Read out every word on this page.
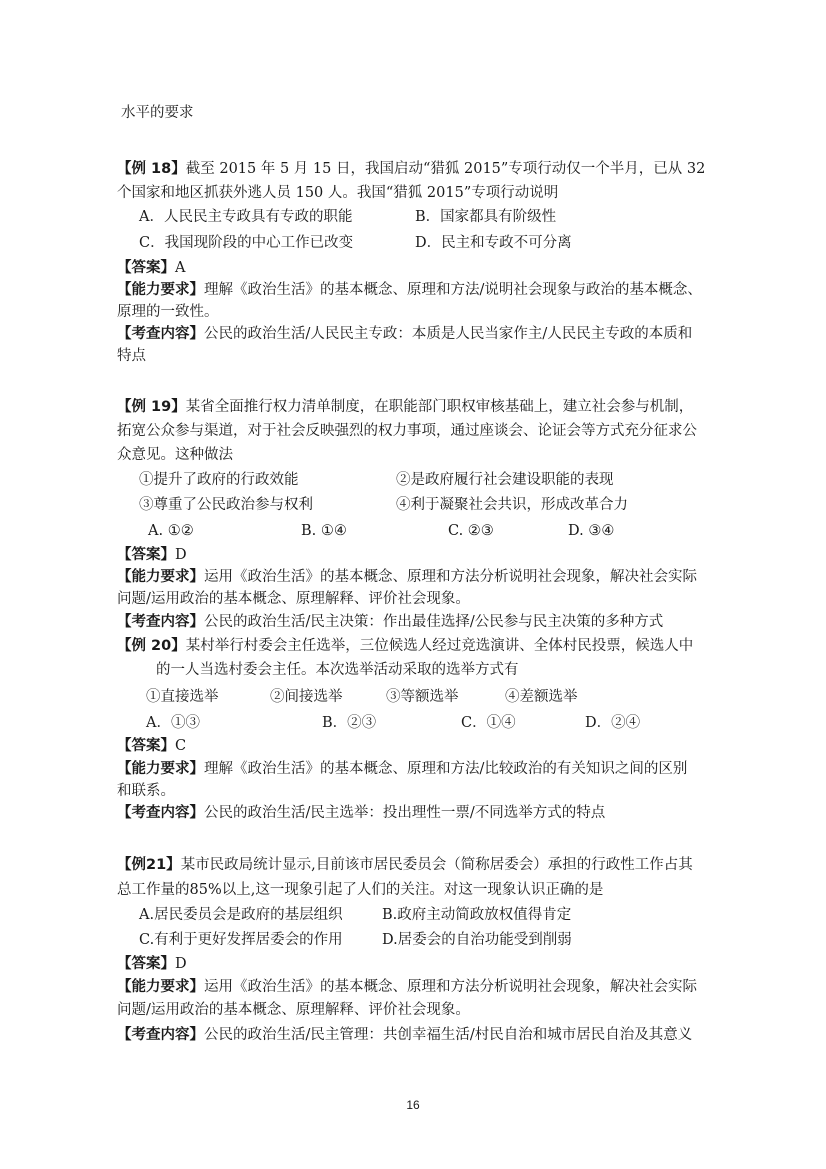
水平的要求
【例 18】截至 2015 年 5 月 15 日，我国启动“猎狐 2015”专项行动仅一个半月，已从 32
个国家和地区抓获外逃人员 150 人。我国“猎狐 2015”专项行动说明
A．人民民主专政具有专政的职能	B．国家都具有阶级性
C．我国现阶段的中心工作已改变	D．民主和专政不可分离
【答案】A
【能力要求】理解《政治生活》的基本概念、原理和方法/说明社会现象与政治的基本概念、
原理的一致性。
【考查内容】公民的政治生活/人民民主专政：本质是人民当家作主/人民民主专政的本质和
特点
【例 19】某省全面推行权力清单制度，在职能部门职权审核基础上，建立社会参与机制，
拓宽公众参与渠道，对于社会反映强烈的权力事项，通过座谈会、论证会等方式充分征求公
众意见。这种做法
①提升了政府的行政效能	②是政府履行社会建设职能的表现
③尊重了公民政治参与权利	④利于凝聚社会共识，形成改革合力
A. ①②	B. ①④	C. ②③	D. ③④
【答案】D
【能力要求】运用《政治生活》的基本概念、原理和方法分析说明社会现象，解决社会实际
问题/运用政治的基本概念、原理解释、评价社会现象。
【考查内容】公民的政治生活/民主决策：作出最佳选择/公民参与民主决策的多种方式
【例 20】某村举行村委会主任选举，三位候选人经过竞选演讲、全体村民投票，候选人中
的一人当选村委会主任。本次选举活动采取的选举方式有
①直接选举	②间接选举	③等额选举	④差额选举
A．①③	B．②③	C．①④	D．②④
【答案】C
【能力要求】理解《政治生活》的基本概念、原理和方法/比较政治的有关知识之间的区别
和联系。
【考查内容】公民的政治生活/民主选举：投出理性一票/不同选举方式的特点
【例21】某市民政局统计显示,目前该市居民委员会（简称居委会）承担的行政性工作占其
总工作量的85%以上,这一现象引起了人们的关注。对这一现象认识正确的是
A.居民委员会是政府的基层组织	B.政府主动简政放权值得肯定
C.有利于更好发挥居委会的作用	D.居委会的自治功能受到削弱
【答案】D
【能力要求】运用《政治生活》的基本概念、原理和方法分析说明社会现象，解决社会实际
问题/运用政治的基本概念、原理解释、评价社会现象。
【考查内容】公民的政治生活/民主管理：共创幸福生活/村民自治和城市居民自治及其意义
16
